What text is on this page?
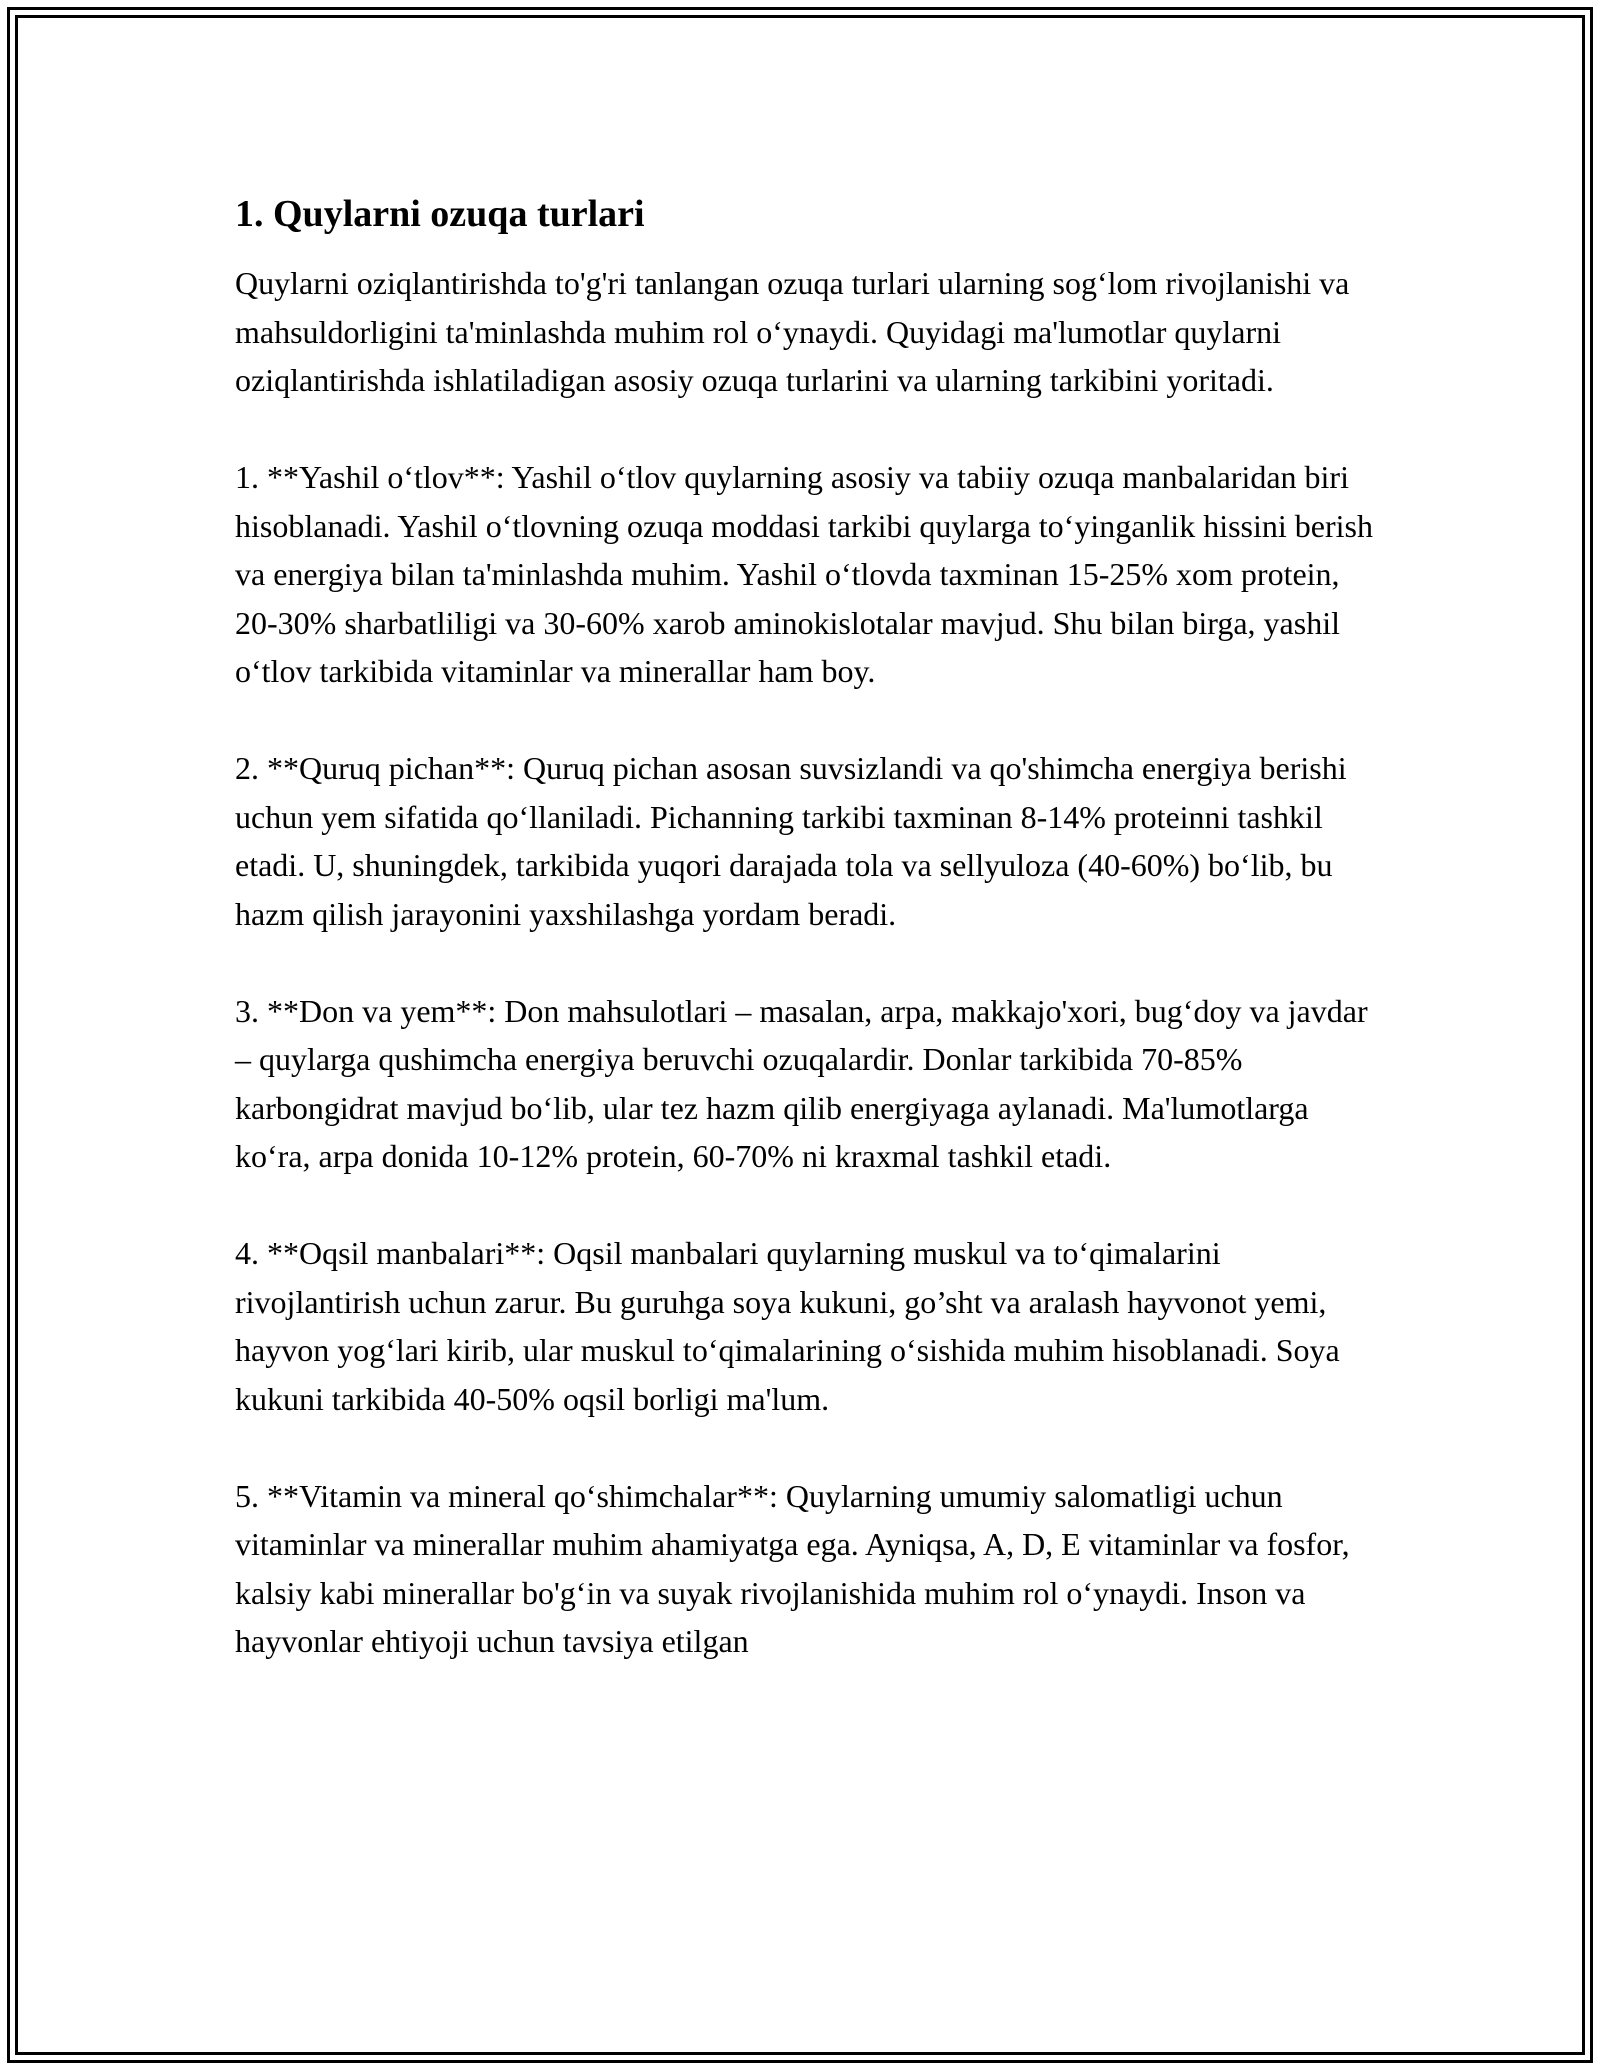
1. Quylarni ozuqa turlari

Quylarni oziqlantirishda to'g'ri tanlangan ozuqa turlari ularning sog‘lom rivojlanishi va mahsuldorligini ta'minlashda muhim rol o‘ynaydi. Quyidagi ma'lumotlar quylarni oziqlantirishda ishlatiladigan asosiy ozuqa turlarini va ularning tarkibini yoritadi.

1. **Yashil o‘tlov**: Yashil o‘tlov quylarning asosiy va tabiiy ozuqa manbalaridan biri hisoblanadi. Yashil o‘tlovning ozuqa moddasi tarkibi quylarga to‘yinganlik hissini berish va energiya bilan ta'minlashda muhim. Yashil o‘tlovda taxminan 15-25% xom protein, 20-30% sharbatliligi va 30-60% xarob aminokislotalar mavjud. Shu bilan birga, yashil o‘tlov tarkibida vitaminlar va minerallar ham boy.

2. **Quruq pichan**: Quruq pichan asosan suvsizlandi va qo'shimcha energiya berishi uchun yem sifatida qo‘llaniladi. Pichanning tarkibi taxminan 8-14% proteinni tashkil etadi. U, shuningdek, tarkibida yuqori darajada tola va sellyuloza (40-60%) bo‘lib, bu hazm qilish jarayonini yaxshilashga yordam beradi.

3. **Don va yem**: Don mahsulotlari – masalan, arpa, makkajo'xori, bug‘doy va javdar – quylarga qushimcha energiya beruvchi ozuqalardir. Donlar tarkibida 70-85% karbongidrat mavjud bo‘lib, ular tez hazm qilib energiyaga aylanadi. Ma'lumotlarga ko‘ra, arpa donida 10-12% protein, 60-70% ni kraxmal tashkil etadi.

4. **Oqsil manbalari**: Oqsil manbalari quylarning muskul va to‘qimalarini rivojlantirish uchun zarur. Bu guruhga soya kukuni, go’sht va aralash hayvonot yemi, hayvon yog‘lari kirib, ular muskul to‘qimalarining o‘sishida muhim hisoblanadi. Soya kukuni tarkibida 40-50% oqsil borligi ma'lum.

5. **Vitamin va mineral qo‘shimchalar**: Quylarning umumiy salomatligi uchun vitaminlar va minerallar muhim ahamiyatga ega. Ayniqsa, A, D, E vitaminlar va fosfor, kalsiy kabi minerallar bo'g‘in va suyak rivojlanishida muhim rol o‘ynaydi. Inson va hayvonlar ehtiyoji uchun tavsiya etilgan
